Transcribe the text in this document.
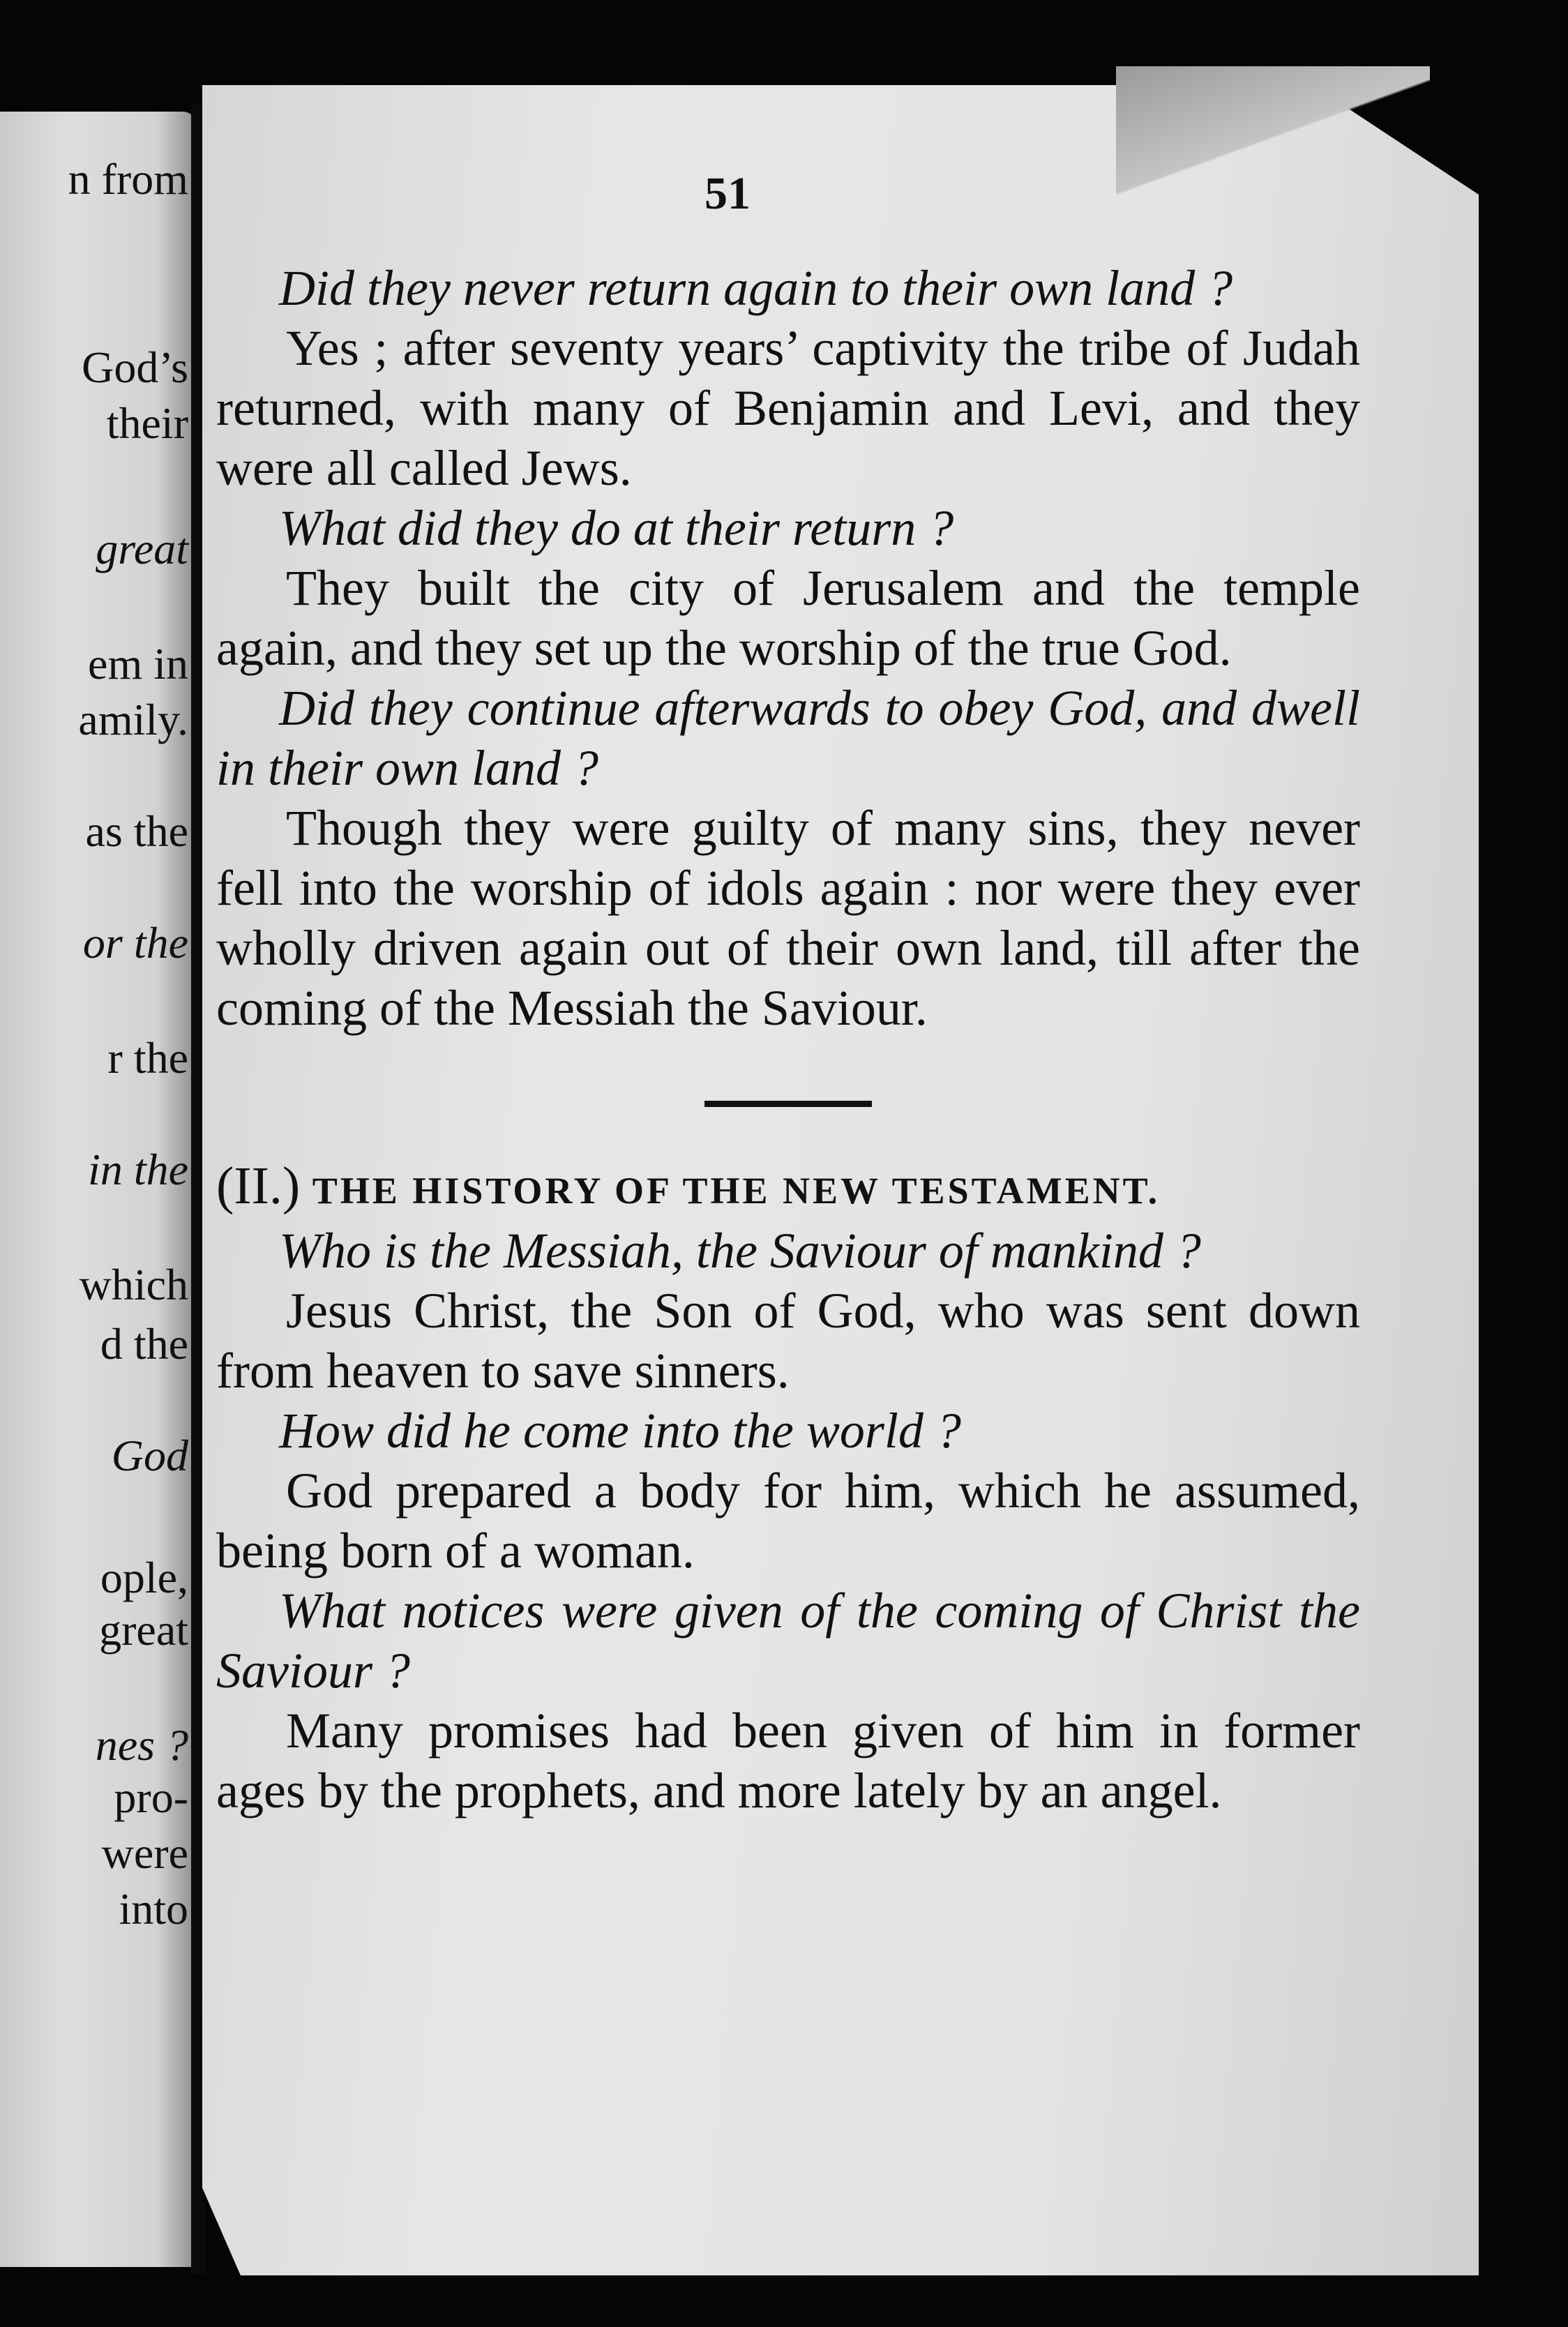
n from
God’s
their
great
em in
amily.
as the
or the
r the
in the
which
d the
God
ople,
great
nes ?
pro-
were
into
51

Did they never return again to their own land ?

Yes ; after seventy years’ captivity the tribe of Judah returned, with many of Benjamin and Levi, and they were all called Jews.

What did they do at their return ?

They built the city of Jerusalem and the temple again, and they set up the worship of the true God.

Did they continue afterwards to obey God, and dwell in their own land ?

Though they were guilty of many sins, they never fell into the worship of idols again : nor were they ever wholly driven again out of their own land, till after the coming of the Messiah the Saviour.

(II.) THE HISTORY OF THE NEW TESTAMENT.

Who is the Messiah, the Saviour of mankind ?

Jesus Christ, the Son of God, who was sent down from heaven to save sinners.

How did he come into the world ?

God prepared a body for him, which he assumed, being born of a woman.

What notices were given of the coming of Christ the Saviour ?

Many promises had been given of him in former ages by the prophets, and more lately by an angel.
